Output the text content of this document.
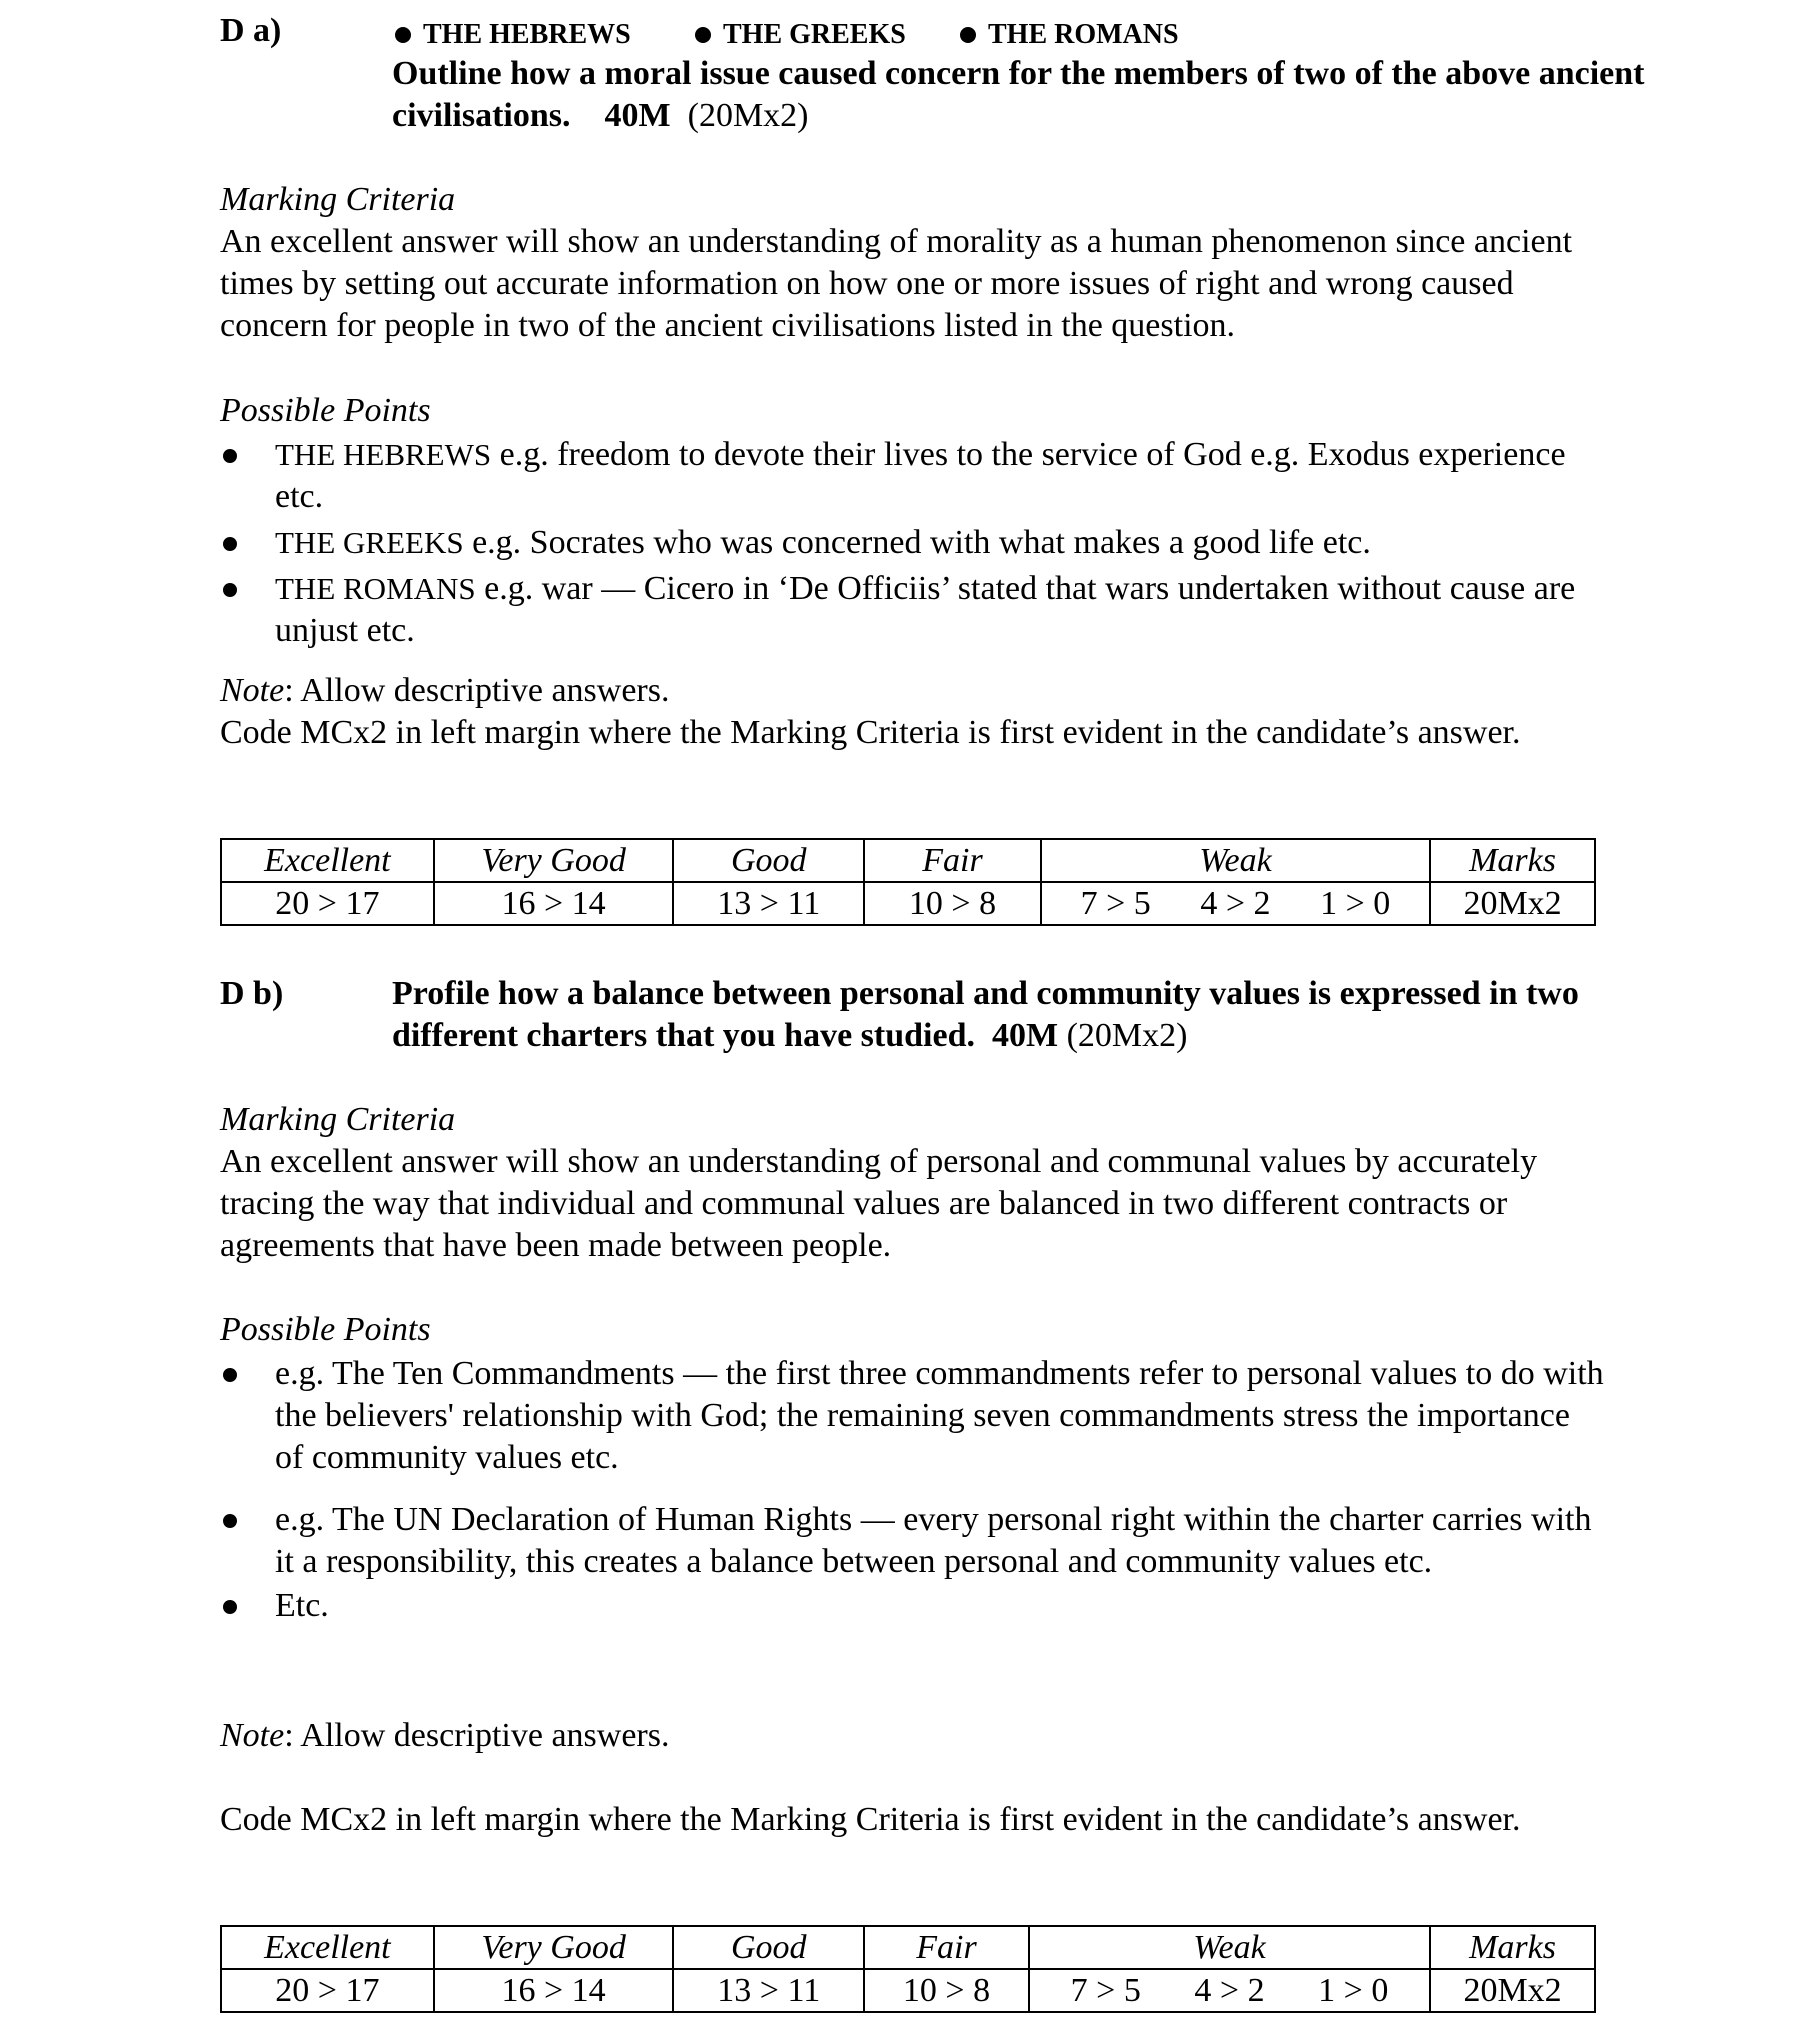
D a)	THE HEBREWS	THE GREEKS	THE ROMANS
Outline how a moral issue caused concern for the members of two of the above ancient civilisations. 40M (20Mx2)
Marking Criteria
An excellent answer will show an understanding of morality as a human phenomenon since ancient times by setting out accurate information on how one or more issues of right and wrong caused concern for people in two of the ancient civilisations listed in the question.
Possible Points
THE HEBREWS e.g. freedom to devote their lives to the service of God e.g. Exodus experience etc.
THE GREEKS e.g. Socrates who was concerned with what makes a good life etc.
THE ROMANS e.g. war — Cicero in ‘De Officiis’ stated that wars undertaken without cause are unjust etc.
Note: Allow descriptive answers.
Code MCx2 in left margin where the Marking Criteria is first evident in the candidate’s answer.
Excellent	Very Good	Good	Fair	Weak	Marks
20 > 17	16 > 14	13 > 11	10 > 8	7 > 5 4 > 2 1 > 0	20Mx2
D b)	Profile how a balance between personal and community values is expressed in two different charters that you have studied. 40M (20Mx2)
Marking Criteria
An excellent answer will show an understanding of personal and communal values by accurately tracing the way that individual and communal values are balanced in two different contracts or agreements that have been made between people.
Possible Points
e.g. The Ten Commandments — the first three commandments refer to personal values to do with the believers' relationship with God; the remaining seven commandments stress the importance of community values etc.
e.g. The UN Declaration of Human Rights — every personal right within the charter carries with it a responsibility, this creates a balance between personal and community values etc.
Etc.
Note: Allow descriptive answers.
Code MCx2 in left margin where the Marking Criteria is first evident in the candidate’s answer.
Excellent	Very Good	Good	Fair	Weak	Marks
20 > 17	16 > 14	13 > 11	10 > 8	7 > 5 4 > 2 1 > 0	20Mx2
